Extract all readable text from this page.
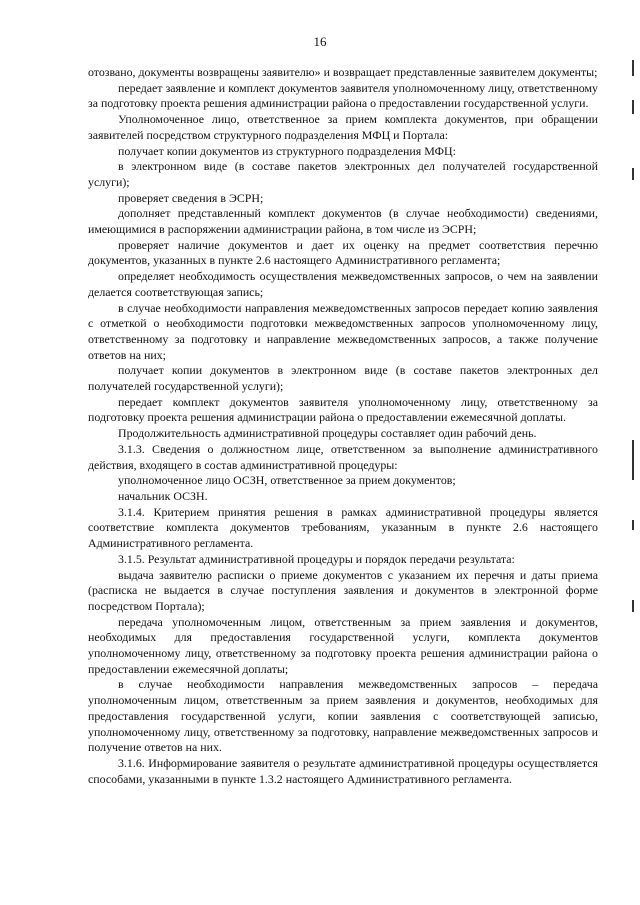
16

отозвано, документы возвращены заявителю» и возвращает представленные заявителем документы;

передает заявление и комплект документов заявителя уполномоченному лицу, ответственному за подготовку проекта решения администрации района о предоставлении государственной услуги.

Уполномоченное лицо, ответственное за прием комплекта документов, при обращении заявителей посредством структурного подразделения МФЦ и Портала:

получает копии документов из структурного подразделения МФЦ:

в электронном виде (в составе пакетов электронных дел получателей государственной услуги);

проверяет сведения в ЭСРН;

дополняет представленный комплект документов (в случае необходимости) сведениями, имеющимися в распоряжении администрации района, в том числе из ЭСРН;

проверяет наличие документов и дает их оценку на предмет соответствия перечню документов, указанных в пункте 2.6 настоящего Административного регламента;

определяет необходимость осуществления межведомственных запросов, о чем на заявлении делается соответствующая запись;

в случае необходимости направления межведомственных запросов передает копию заявления с отметкой о необходимости подготовки межведомственных запросов уполномоченному лицу, ответственному за подготовку и направление межведомственных запросов, а также получение ответов на них;

получает копии документов в электронном виде (в составе пакетов электронных дел получателей государственной услуги);

передает комплект документов заявителя уполномоченному лицу, ответственному за подготовку проекта решения администрации района о предоставлении ежемесячной доплаты.

Продолжительность административной процедуры составляет один рабочий день.

3.1.3. Сведения о должностном лице, ответственном за выполнение административного действия, входящего в состав административной процедуры:

уполномоченное лицо ОСЗН, ответственное за прием документов;

начальник ОСЗН.

3.1.4. Критерием принятия решения в рамках административной процедуры является соответствие комплекта документов требованиям, указанным в пункте 2.6 настоящего Административного регламента.

3.1.5. Результат административной процедуры и порядок передачи результата:

выдача заявителю расписки о приеме документов с указанием их перечня и даты приема (расписка не выдается в случае поступления заявления и документов в электронной форме посредством Портала);

передача уполномоченным лицом, ответственным за прием заявления и документов, необходимых для предоставления государственной услуги, комплекта документов уполномоченному лицу, ответственному за подготовку проекта решения администрации района о предоставлении ежемесячной доплаты;

в случае необходимости направления межведомственных запросов – передача уполномоченным лицом, ответственным за прием заявления и документов, необходимых для предоставления государственной услуги, копии заявления с соответствующей записью, уполномоченному лицу, ответственному за подготовку, направление межведомственных запросов и получение ответов на них.

3.1.6. Информирование заявителя о результате административной процедуры осуществляется способами, указанными в пункте 1.3.2 настоящего Административного регламента.
